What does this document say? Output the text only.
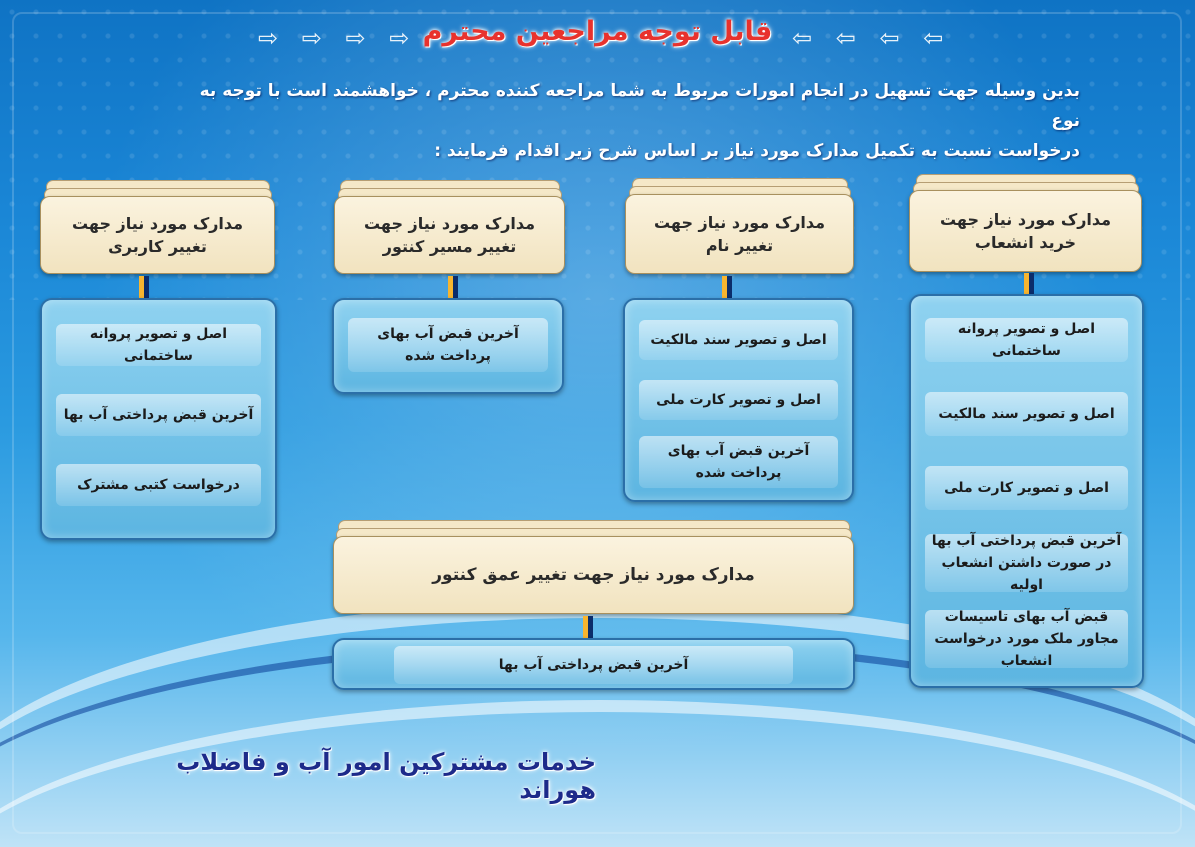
⇨ ⇨ ⇨ ⇨ قابل توجه مراجعین محترم ⇦ ⇦ ⇦ ⇦
بدین وسیله جهت تسهیل در انجام امورات مربوط به شما مراجعه کننده محترم ، خواهشمند است با توجه به نوع
درخواست نسبت به تکمیل مدارک مورد نیاز بر اساس شرح زیر اقدام فرمایند :
مدارک مورد نیاز جهت
تغییر کاربری
اصل و تصویر پروانه ساختمانی
آخرین قبض پرداختی آب بها
درخواست کتبی مشترک
مدارک مورد نیاز جهت
تغییر مسیر کنتور
آخرین قبض آب بهای پرداخت شده
مدارک مورد نیاز جهت
تغییر نام
اصل و تصویر سند مالکیت
اصل و تصویر کارت ملی
آخرین قبض آب بهای پرداخت شده
مدارک مورد نیاز جهت
خرید انشعاب
اصل و تصویر پروانه ساختمانی
اصل و تصویر سند مالکیت
اصل و تصویر کارت ملی
آخرین قبض پرداختی آب بها در صورت داشتن انشعاب اولیه
قبض آب بهای تاسیسات مجاور ملک مورد درخواست انشعاب
مدارک مورد نیاز جهت تغییر عمق کنتور
آخرین قبض پرداختی آب بها
خدمات مشترکین امور آب و فاضلاب هوراند
